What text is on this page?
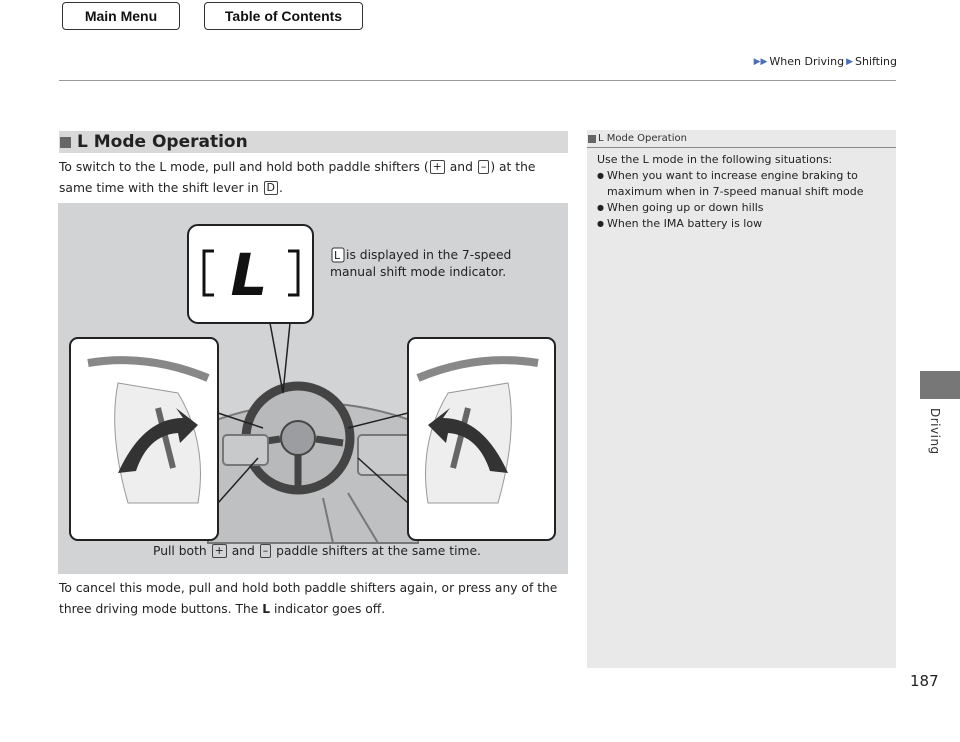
Main Menu	Table of Contents
▶▶ When Driving ▶ Shifting
Driving
187
L Mode Operation
To switch to the L mode, pull and hold both paddle shifters ( + and – ) at the same time with the shift lever in D .
L	L is displayed in the 7-speed
manual shift mode indicator.
Pull both + and – paddle shifters at the same time.
To cancel this mode, pull and hold both paddle shifters again, or press any of the three driving mode buttons. The L indicator goes off.
L Mode Operation
Use the L mode in the following situations:
● When you want to increase engine braking to maximum when in 7-speed manual shift mode
● When going up or down hills
● When the IMA battery is low
